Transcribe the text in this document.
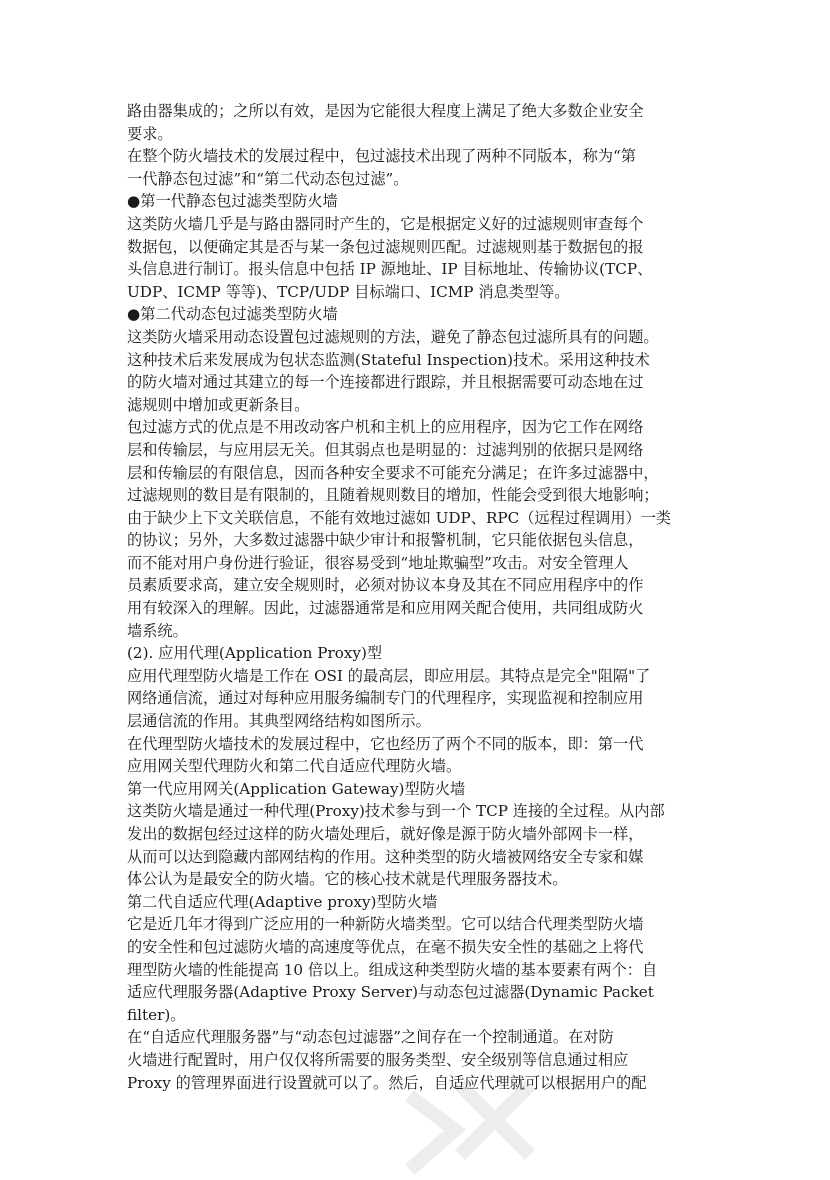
路由器集成的；之所以有效，是因为它能很大程度上满足了绝大多数企业安全
要求。
在整个防火墙技术的发展过程中，包过滤技术出现了两种不同版本，称为“第
一代静态包过滤”和“第二代动态包过滤”。
●第一代静态包过滤类型防火墙
这类防火墙几乎是与路由器同时产生的，它是根据定义好的过滤规则审查每个
数据包，以便确定其是否与某一条包过滤规则匹配。过滤规则基于数据包的报
头信息进行制订。报头信息中包括 IP 源地址、IP 目标地址、传输协议(TCP、
UDP、ICMP 等等)、TCP/UDP 目标端口、ICMP 消息类型等。
●第二代动态包过滤类型防火墙
这类防火墙采用动态设置包过滤规则的方法，避免了静态包过滤所具有的问题。
这种技术后来发展成为包状态监测(Stateful Inspection)技术。采用这种技术
的防火墙对通过其建立的每一个连接都进行跟踪，并且根据需要可动态地在过
滤规则中增加或更新条目。
包过滤方式的优点是不用改动客户机和主机上的应用程序，因为它工作在网络
层和传输层，与应用层无关。但其弱点也是明显的：过滤判别的依据只是网络
层和传输层的有限信息，因而各种安全要求不可能充分满足；在许多过滤器中，
过滤规则的数目是有限制的，且随着规则数目的增加，性能会受到很大地影响；
由于缺少上下文关联信息，不能有效地过滤如 UDP、RPC（远程过程调用）一类
的协议；另外，大多数过滤器中缺少审计和报警机制，它只能依据包头信息，
而不能对用户身份进行验证，很容易受到“地址欺骗型”攻击。对安全管理人
员素质要求高，建立安全规则时，必须对协议本身及其在不同应用程序中的作
用有较深入的理解。因此，过滤器通常是和应用网关配合使用，共同组成防火
墙系统。
(2). 应用代理(Application Proxy)型
应用代理型防火墙是工作在 OSI 的最高层，即应用层。其特点是完全"阻隔"了
网络通信流，通过对每种应用服务编制专门的代理程序，实现监视和控制应用
层通信流的作用。其典型网络结构如图所示。
在代理型防火墙技术的发展过程中，它也经历了两个不同的版本，即：第一代
应用网关型代理防火和第二代自适应代理防火墙。
第一代应用网关(Application Gateway)型防火墙
这类防火墙是通过一种代理(Proxy)技术参与到一个 TCP 连接的全过程。从内部
发出的数据包经过这样的防火墙处理后，就好像是源于防火墙外部网卡一样，
从而可以达到隐藏内部网结构的作用。这种类型的防火墙被网络安全专家和媒
体公认为是最安全的防火墙。它的核心技术就是代理服务器技术。
第二代自适应代理(Adaptive proxy)型防火墙
它是近几年才得到广泛应用的一种新防火墙类型。它可以结合代理类型防火墙
的安全性和包过滤防火墙的高速度等优点，在毫不损失安全性的基础之上将代
理型防火墙的性能提高 10 倍以上。组成这种类型防火墙的基本要素有两个：自
适应代理服务器(Adaptive Proxy Server)与动态包过滤器(Dynamic Packet
filter)。
在“自适应代理服务器”与“动态包过滤器”之间存在一个控制通道。在对防
火墙进行配置时，用户仅仅将所需要的服务类型、安全级别等信息通过相应
Proxy 的管理界面进行设置就可以了。然后，自适应代理就可以根据用户的配
